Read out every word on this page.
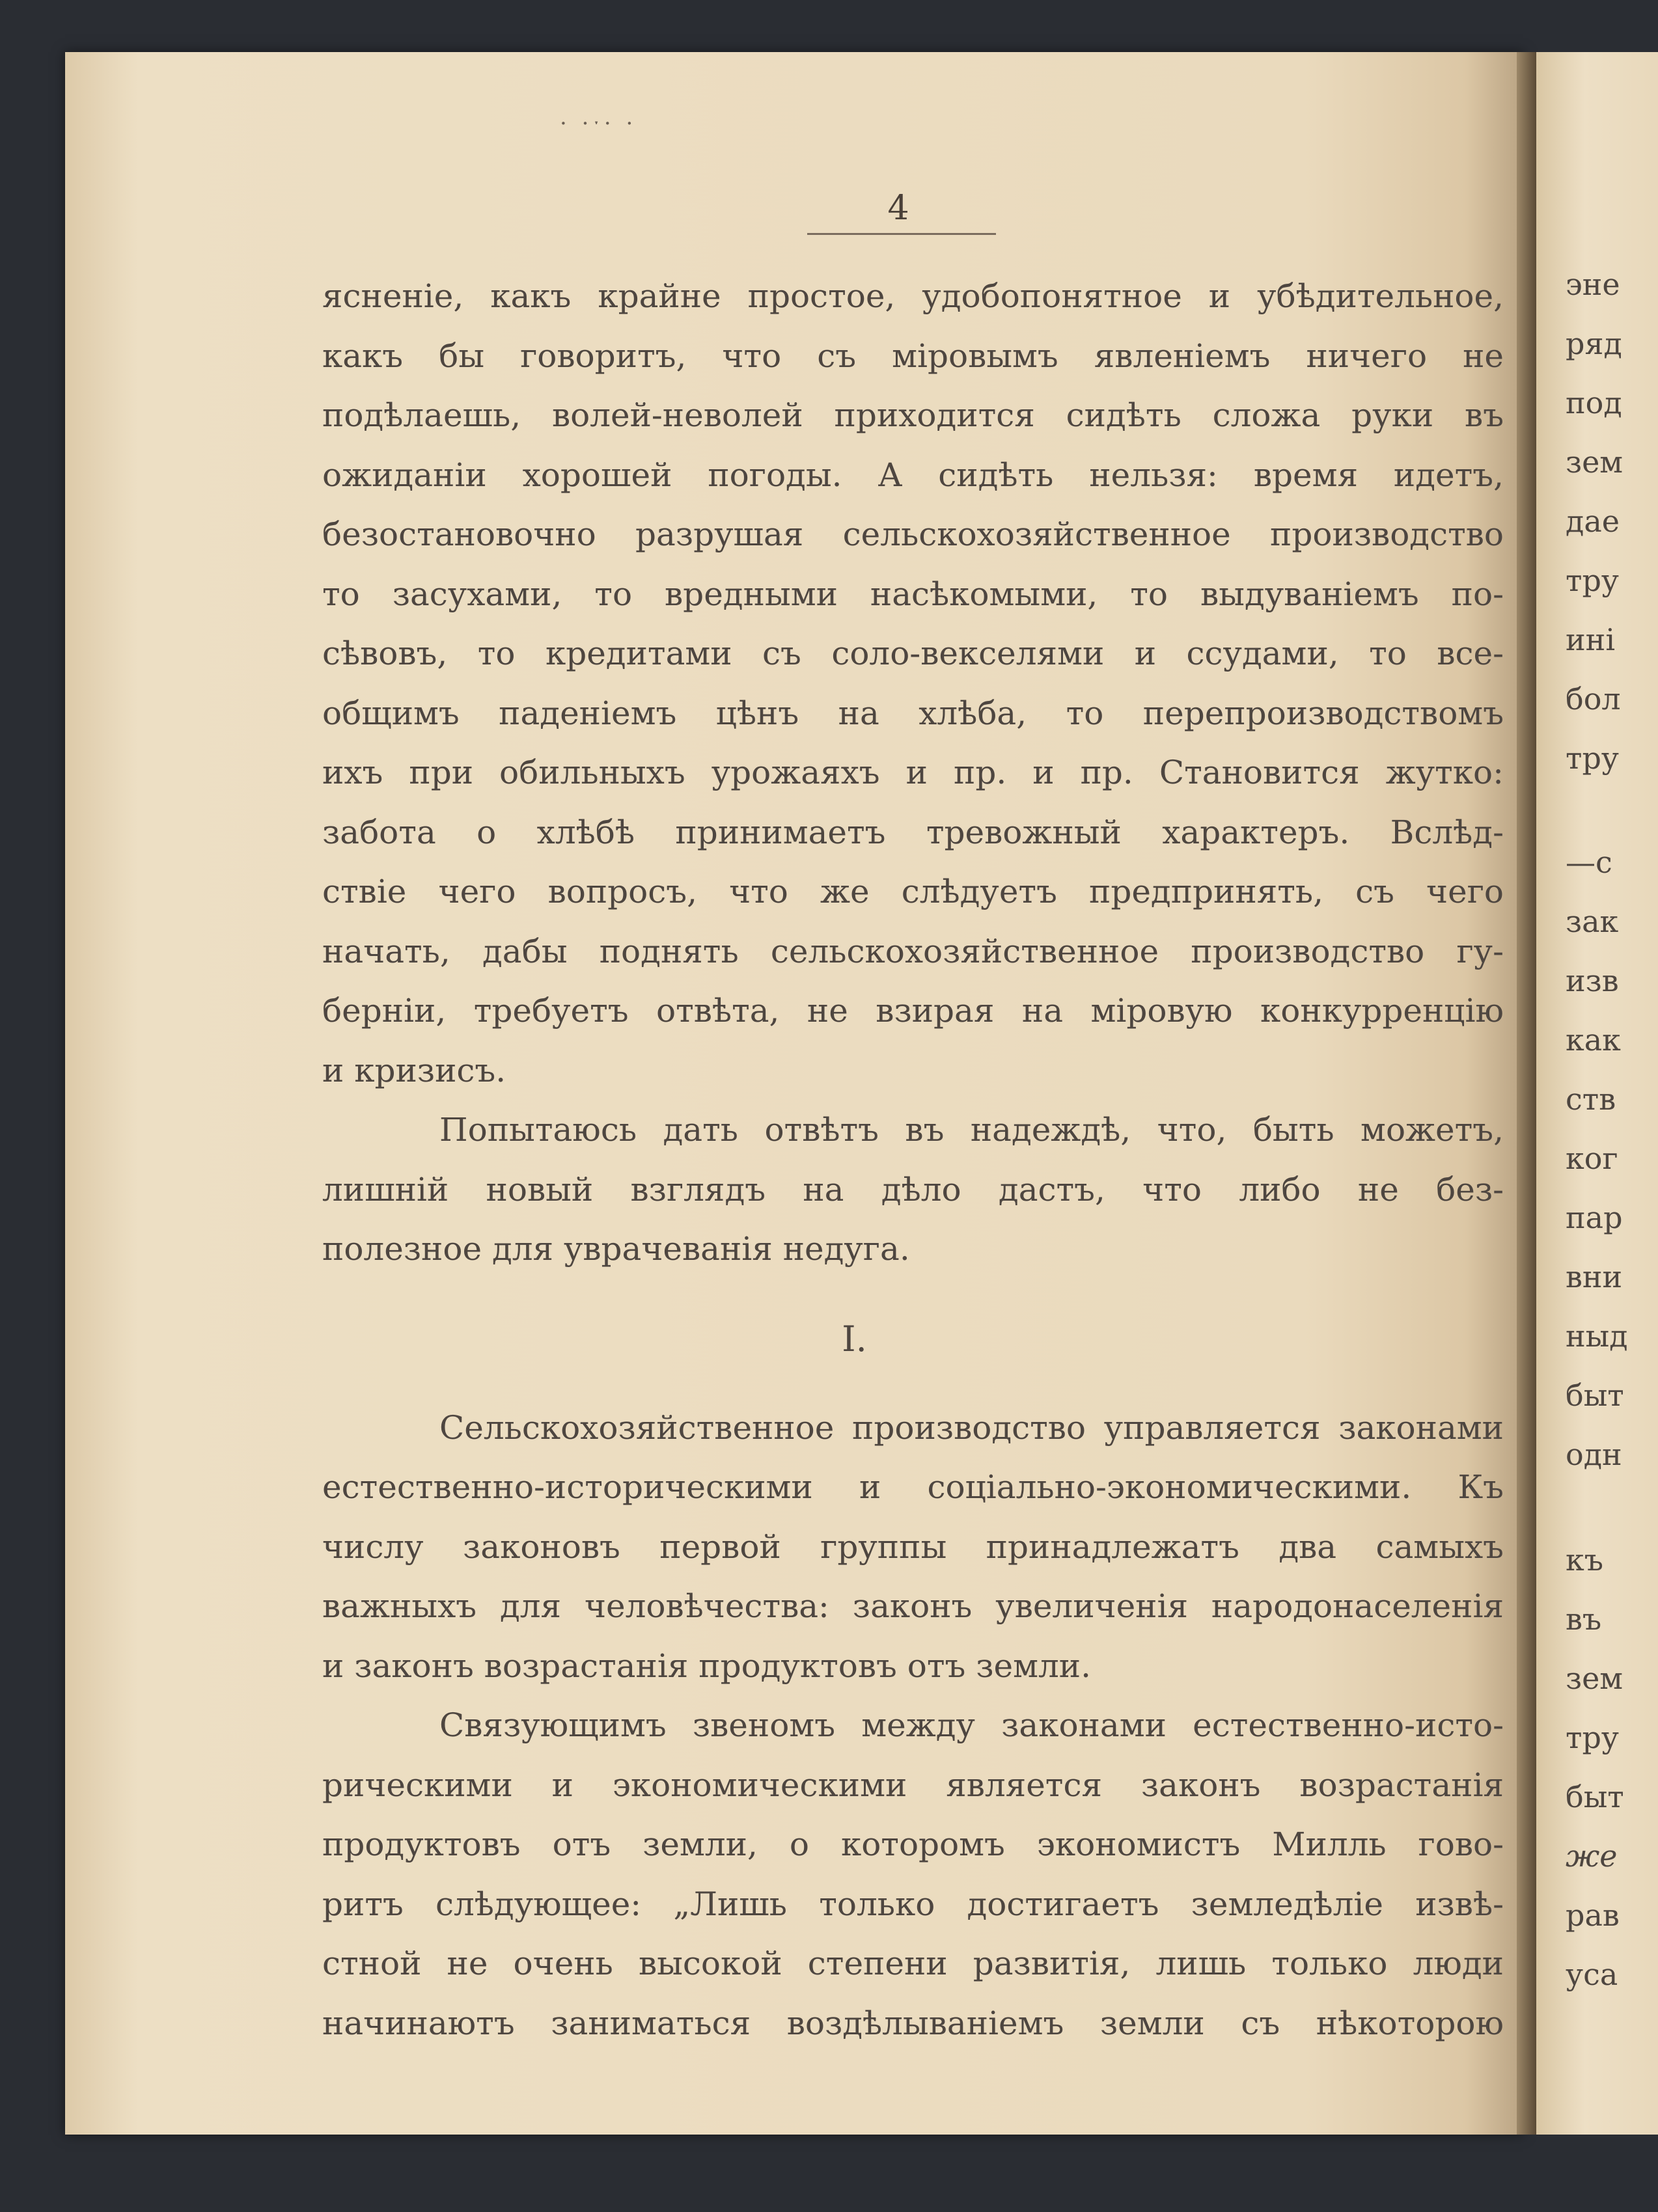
· ·ˑ· ·
4
ясненіе, какъ крайне простое, удобопонятное и убѣдительное,
какъ бы говоритъ, что съ міровымъ явленіемъ ничего не
подѣлаешь, волей-неволей приходится сидѣть сложа руки въ
ожиданіи хорошей погоды. А сидѣть нельзя: время идетъ,
безостановочно разрушая сельскохозяйственное производство
то засухами, то вредными насѣкомыми, то выдуваніемъ по-
сѣвовъ, то кредитами съ соло-векселями и ссудами, то все-
общимъ паденіемъ цѣнъ на хлѣба, то перепроизводствомъ
ихъ при обильныхъ урожаяхъ и пр. и пр. Становится жутко:
забота о хлѣбѣ принимаетъ тревожный характеръ. Вслѣд-
ствіе чего вопросъ, что же слѣдуетъ предпринять, съ чего
начать, дабы поднять сельскохозяйственное производство гу-
берніи, требуетъ отвѣта, не взирая на міровую конкурренцію
и кризисъ.
Попытаюсь дать отвѣтъ въ надеждѣ, что, быть можетъ,
лишній новый взглядъ на дѣло дастъ, что либо не без-
полезное для уврачеванія недуга.
I.
Сельскохозяйственное производство управляется законами
естественно-историческими и соціально-экономическими. Къ
числу законовъ первой группы принадлежатъ два самыхъ
важныхъ для человѣчества: законъ увеличенія народонаселенія
и законъ возрастанія продуктовъ отъ земли.
Связующимъ звеномъ между законами естественно-исто-
рическими и экономическими является законъ возрастанія
продуктовъ отъ земли, о которомъ экономистъ Милль гово-
ритъ слѣдующее: „Лишь только достигаетъ земледѣліе извѣ-
стной не очень высокой степени развитія, лишь только люди
начинаютъ заниматься воздѣлываніемъ земли съ нѣкоторою
эне
ряд
под
зем
дае
тру
ині
бол
тру
—с
зак
изв
как
ств
ког
пар
вни
ныд
быт
одн
къ
въ
зем
тру
быт
же
рав
уса
